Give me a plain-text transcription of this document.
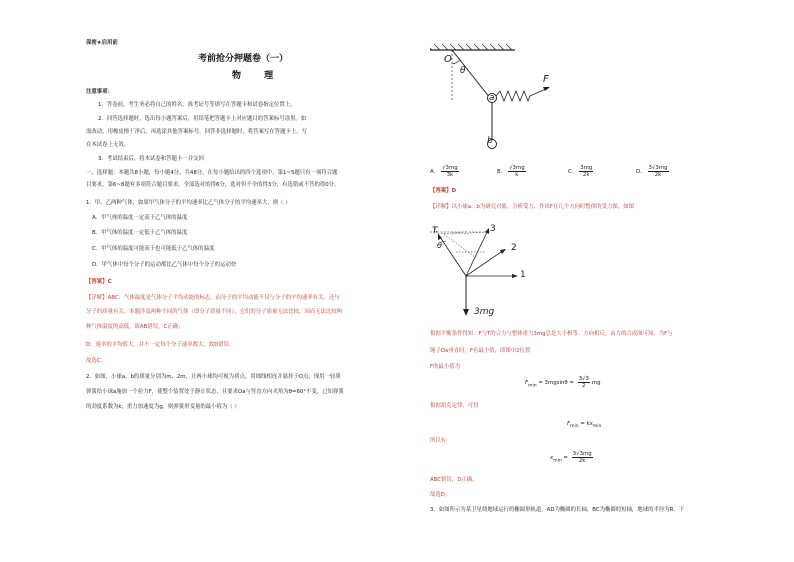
保密★启用前
考前抢分押题卷（一）
物 理
注意事项：
1．答卷前，考生务必将自己的姓名、准考证号等填写在答题卡和试卷指定位置上。
2．回答选择题时，选出每小题答案后，用铅笔把答题卡上对应题目的答案标号涂黑。如
需改动，用橡皮擦干净后，再选涂其他答案标号。回答非选择题时，将答案写在答题卡上。写
在本试卷上无效。
3．考试结束后，将本试卷和答题卡一并交回
一、选择题：本题共8小题，每小题4分，共48分，在每小题给出的四个选项中，第1~5题只有一项符合题
目要求，第6~8题有多项符合题目要求。全部选对的得6分，选对但不全的得3分，有选错或不答的得0分。
1．甲、乙两种气体，如果甲气体分子的平均速率比乙气体分子的平均速率大，则（ ）
A．甲气体的温度一定高于乙气体的温度
B．甲气体的温度一定低于乙气体的温度
C．甲气体的温度可能高于也可能低于乙气体的温度
D．甲气体中每个分子的运动都比乙气体中每个分子的运动快
【答案】C
【详解】ABC．气体温度是气体分子平均动能的标志，而分子的平均动能不仅与分子的平均速率有关，还与
分子的质量有关。本题涉及两种不同的气体（即分子质量不同），它们的分子质量无法比较，因而无法比较两
种气体温度的高低，故AB错误，C正确；
D．速率的平均值大，并不一定每个分子速率都大，故D错误。
故选C。
2．如图，小球a、b的质量分别为m、2m，且两小球均可视为质点，用细线相连并悬挂于O点，现用一轻质
弹簧给小球a施加一个拉力F，使整个装置处于静止状态，且要求Oa与竖直方向夹角为θ=60°不变，已知弹簧
的劲度系数为k，重力加速度为g，则弹簧形变量的最小值为（ ）
O
θ
a
b
F
A． $\frac{√3mg}{3k}$	B． $\frac{√3mg}{k}$	C． $\frac{3mg}{2k}$	D． $\frac{3√3mg}{2k}$
【答案】D
【详解】以小球a、b为研究对象，分析受力，作出F在几个方向时整体的受力图，如图
T
θ
1
2
3
3mg
根据平衡条件得知：F与T的合力与整体重力3mg总是大小相等、方向相反，由力的合成图可知，当F与
绳子Oa垂直时，F有最小值，即图中2位置
F的最小值为
$F_{min} = 3mgsin\theta = \frac{3√3}{2}$ mg
根据胡克定律，可得
$F_{min} = kx_{min}$
所以有
$x_{min} = \frac{3√3mg}{2k}$
ABC错误，D正确。
故选D。
3．如图所示为某卫星绕地球运行的椭圆形轨道，AD为椭圆的长轴，BC为椭圆的短轴，地球的半径为R。下
